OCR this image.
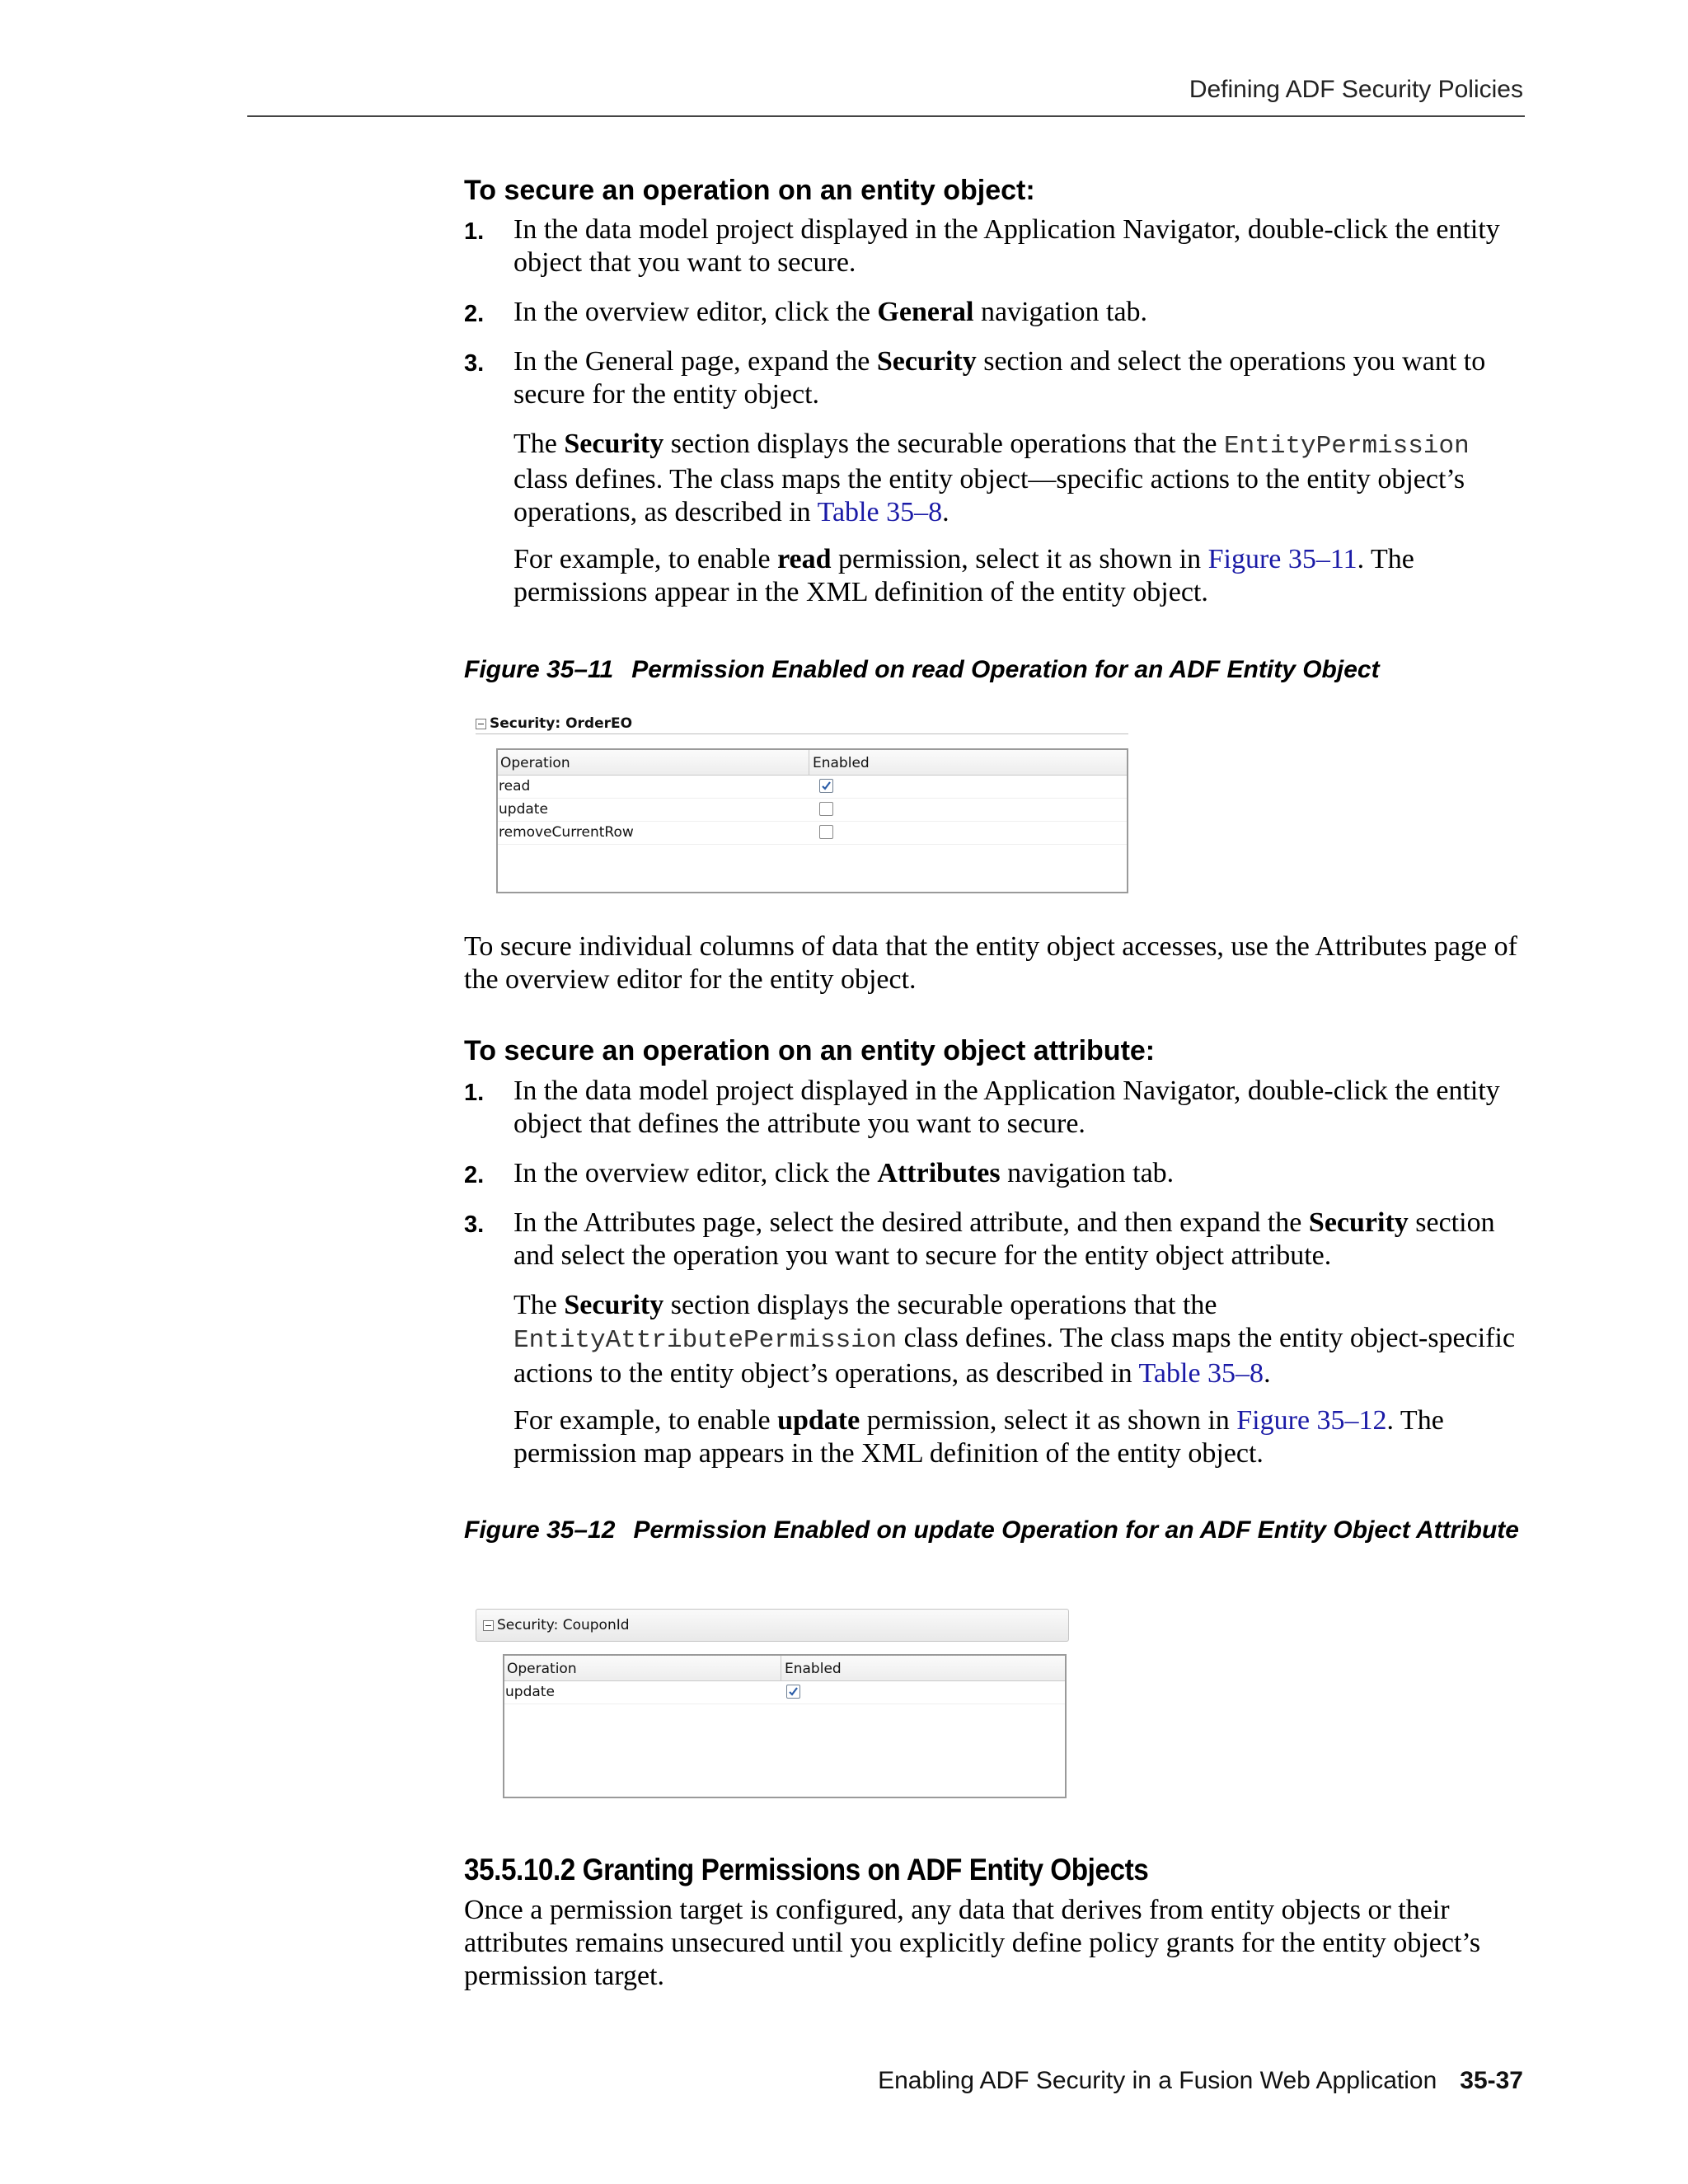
Defining ADF Security Policies
To secure an operation on an entity object:
1. In the data model project displayed in the Application Navigator, double-click the entity object that you want to secure.
2. In the overview editor, click the General navigation tab.
3. In the General page, expand the Security section and select the operations you want to secure for the entity object.
The Security section displays the securable operations that the EntityPermission class defines. The class maps the entity object—specific actions to the entity object’s operations, as described in Table 35–8.
For example, to enable read permission, select it as shown in Figure 35–11. The permissions appear in the XML definition of the entity object.
Figure 35–11 Permission Enabled on read Operation for an ADF Entity Object
Security: OrderEO
Operation	Enabled
read
update
removeCurrentRow
To secure individual columns of data that the entity object accesses, use the Attributes page of the overview editor for the entity object.
To secure an operation on an entity object attribute:
1. In the data model project displayed in the Application Navigator, double-click the entity object that defines the attribute you want to secure.
2. In the overview editor, click the Attributes navigation tab.
3. In the Attributes page, select the desired attribute, and then expand the Security section and select the operation you want to secure for the entity object attribute.
The Security section displays the securable operations that the EntityAttributePermission class defines. The class maps the entity object-specific actions to the entity object’s operations, as described in Table 35–8.
For example, to enable update permission, select it as shown in Figure 35–12. The permission map appears in the XML definition of the entity object.
Figure 35–12 Permission Enabled on update Operation for an ADF Entity Object Attribute
Security: CouponId
Operation	Enabled
update
35.5.10.2 Granting Permissions on ADF Entity Objects
Once a permission target is configured, any data that derives from entity objects or their attributes remains unsecured until you explicitly define policy grants for the entity object’s permission target.
Enabling ADF Security in a Fusion Web Application 35-37
